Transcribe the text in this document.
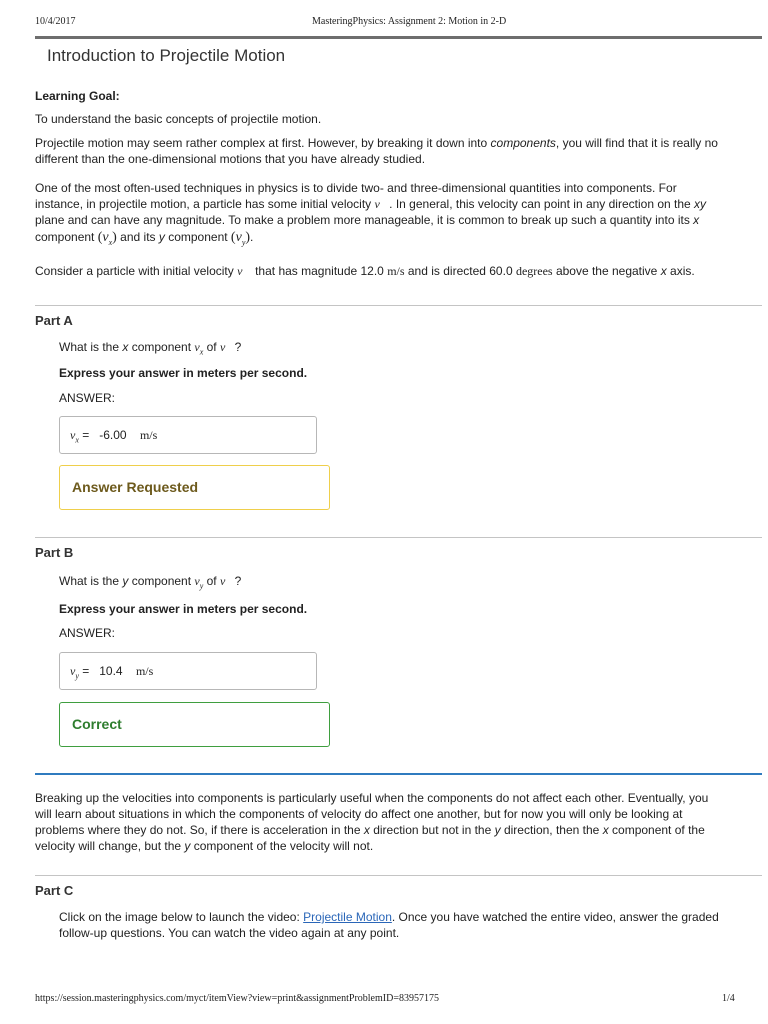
10/4/2017	MasteringPhysics: Assignment 2: Motion in 2-D
Introduction to Projectile Motion
Learning Goal:
To understand the basic concepts of projectile motion.
Projectile motion may seem rather complex at first. However, by breaking it down into components, you will find that it is really no different than the one-dimensional motions that you have already studied.
One of the most often-used techniques in physics is to divide two- and three-dimensional quantities into components. For
instance, in projectile motion, a particle has some initial velocity v⃗. In general, this velocity can point in any direction on the xy
plane and can have any magnitude. To make a problem more manageable, it is common to break up such a quantity into its x
component $(v_x)$ and its y component $(v_y)$.
Consider a particle with initial velocity v⃗ that has magnitude 12.0 m/s and is directed 60.0 degrees above the negative x axis.
Part A
What is the x component $v_x$ of v⃗?
Express your answer in meters per second.
ANSWER:
$v_x = -6.00$ m/s
Answer Requested
Part B
What is the y component $v_y$ of v⃗?
Express your answer in meters per second.
ANSWER:
$v_y = 10.4$ m/s
Correct
Breaking up the velocities into components is particularly useful when the components do not affect each other. Eventually, you
will learn about situations in which the components of velocity do affect one another, but for now you will only be looking at
problems where they do not. So, if there is acceleration in the x direction but not in the y direction, then the x component of the
velocity will change, but the y component of the velocity will not.
Part C
Click on the image below to launch the video: Projectile Motion. Once you have watched the entire video, answer the graded
follow-up questions. You can watch the video again at any point.
https://session.masteringphysics.com/myct/itemView?view=print&assignmentProblemID=83957175	1/4
